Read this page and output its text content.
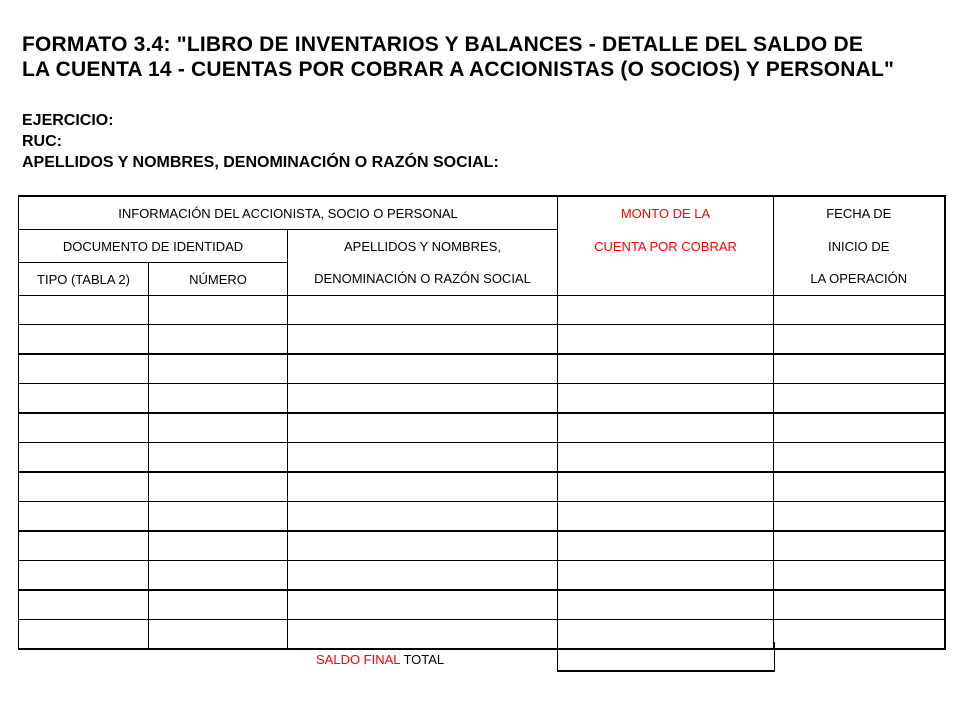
FORMATO 3.4: "LIBRO DE INVENTARIOS Y BALANCES - DETALLE DEL SALDO DE
LA CUENTA 14 - CUENTAS POR COBRAR A ACCIONISTAS (O SOCIOS) Y PERSONAL"
EJERCICIO:
RUC:
APELLIDOS Y NOMBRES, DENOMINACIÓN O RAZÓN SOCIAL:
INFORMACIÓN DEL ACCIONISTA, SOCIO O PERSONAL			MONTO DE LA	FECHA DE
DOCUMENTO DE IDENTIDAD		APELLIDOS Y NOMBRES,	CUENTA POR COBRAR	INICIO DE
TIPO (TABLA 2)	NÚMERO	DENOMINACIÓN O RAZÓN SOCIAL		LA OPERACIÓN

SALDO FINAL TOTAL
